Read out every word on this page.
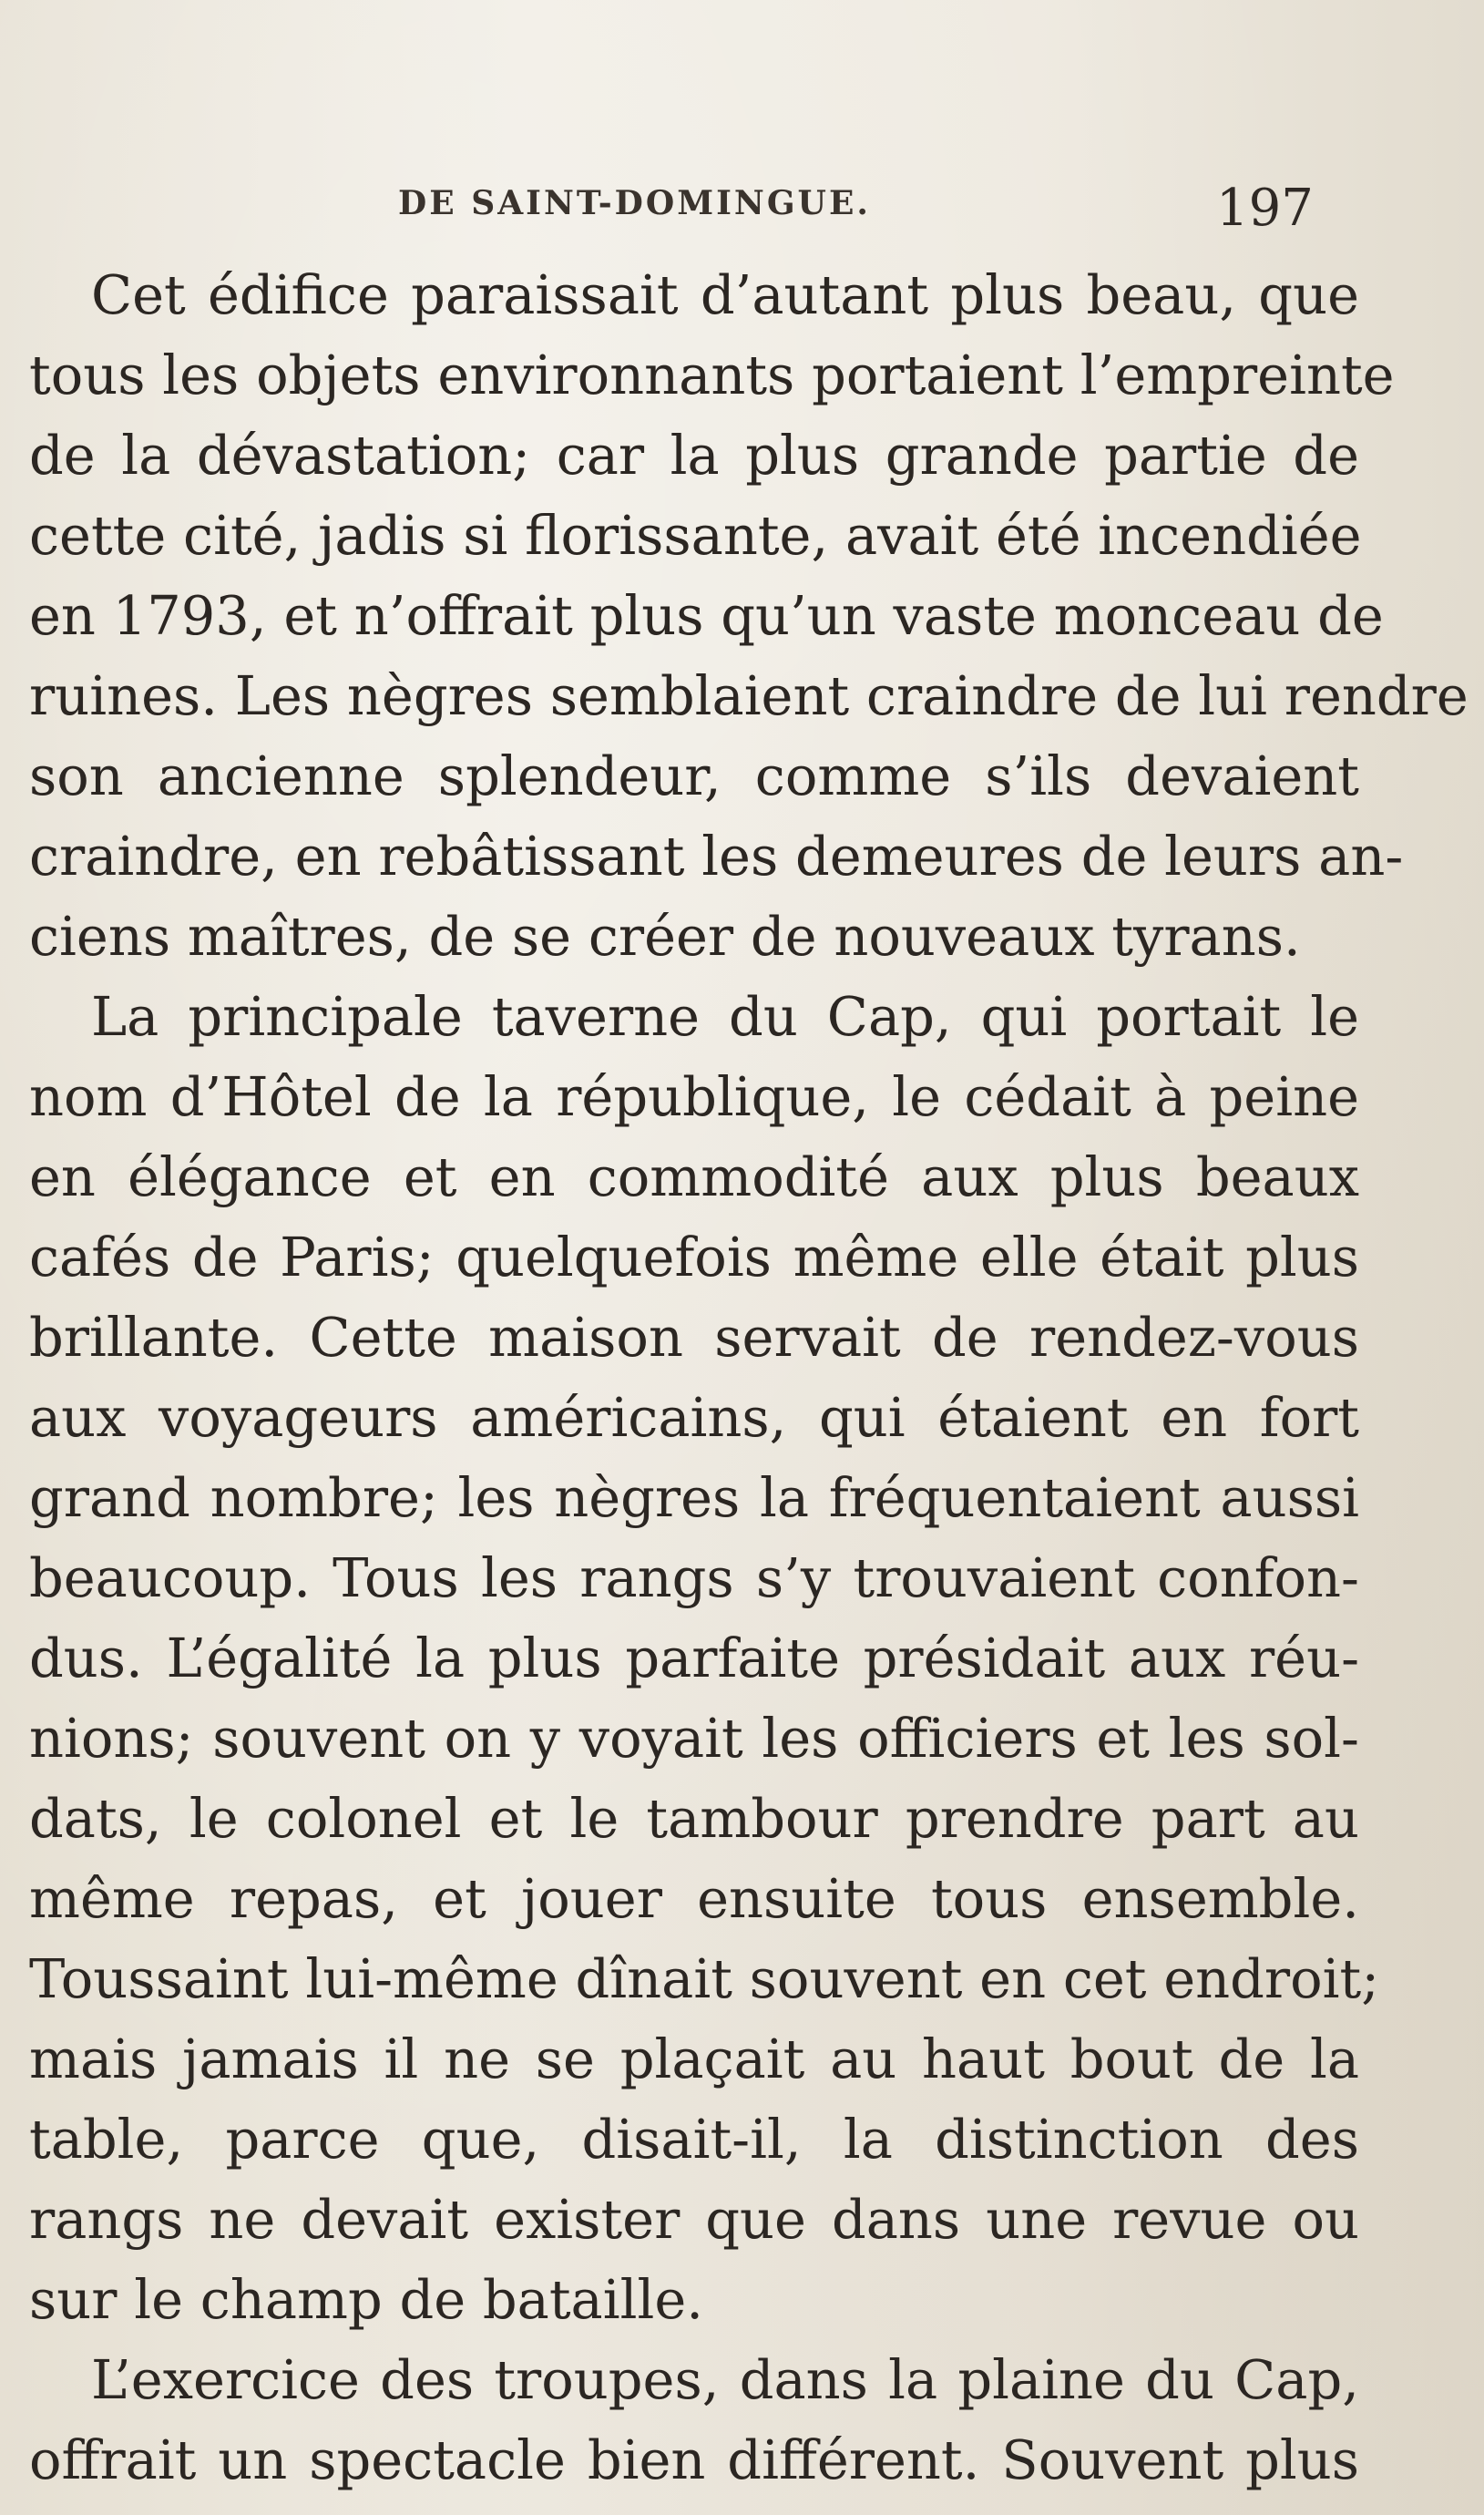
DE SAINT-DOMINGUE.	197
Cet édifice paraissait d’autant plus beau, que
tous les objets environnants portaient l’empreinte
de la dévastation; car la plus grande partie de
cette cité, jadis si florissante, avait été incendiée
en 1793, et n’offrait plus qu’un vaste monceau de
ruines. Les nègres semblaient craindre de lui rendre
son ancienne splendeur, comme s’ils devaient
craindre, en rebâtissant les demeures de leurs an-
ciens maîtres, de se créer de nouveaux tyrans.
La principale taverne du Cap, qui portait le
nom d’Hôtel de la république, le cédait à peine
en élégance et en commodité aux plus beaux
cafés de Paris; quelquefois même elle était plus
brillante. Cette maison servait de rendez-vous
aux voyageurs américains, qui étaient en fort
grand nombre; les nègres la fréquentaient aussi
beaucoup. Tous les rangs s’y trouvaient confon-
dus. L’égalité la plus parfaite présidait aux réu-
nions; souvent on y voyait les officiers et les sol-
dats, le colonel et le tambour prendre part au
même repas, et jouer ensuite tous ensemble.
Toussaint lui-même dînait souvent en cet endroit;
mais jamais il ne se plaçait au haut bout de la
table, parce que, disait-il, la distinction des
rangs ne devait exister que dans une revue ou
sur le champ de bataille.
L’exercice des troupes, dans la plaine du Cap,
offrait un spectacle bien différent. Souvent plus
